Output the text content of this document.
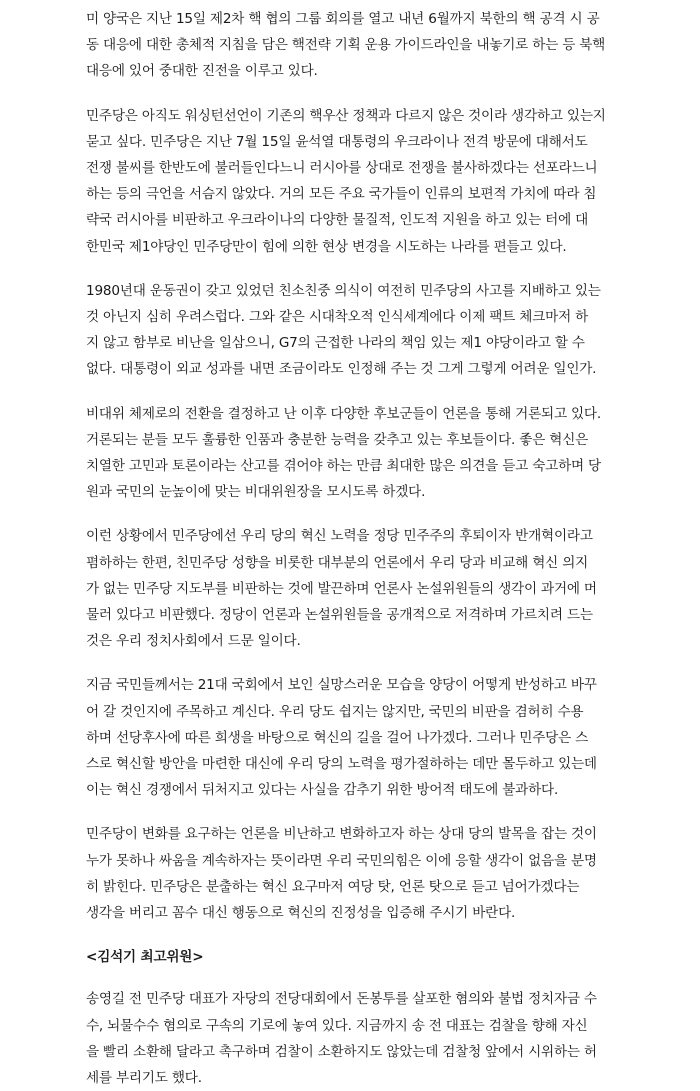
미 양국은 지난 15일 제2차 핵 협의 그룹 회의를 열고 내년 6월까지 북한의 핵 공격 시 공
동 대응에 대한 총체적 지침을 담은 핵전략 기획 운용 가이드라인을 내놓기로 하는 등 북핵
대응에 있어 중대한 진전을 이루고 있다.
민주당은 아직도 워싱턴선언이 기존의 핵우산 정책과 다르지 않은 것이라 생각하고 있는지
묻고 싶다. 민주당은 지난 7월 15일 윤석열 대통령의 우크라이나 전격 방문에 대해서도
전쟁 불씨를 한반도에 불러들인다느니 러시아를 상대로 전쟁을 불사하겠다는 선포라느니
하는 등의 극언을 서슴지 않았다. 거의 모든 주요 국가들이 인류의 보편적 가치에 따라 침
략국 러시아를 비판하고 우크라이나의 다양한 물질적, 인도적 지원을 하고 있는 터에 대
한민국 제1야당인 민주당만이 힘에 의한 현상 변경을 시도하는 나라를 편들고 있다.
1980년대 운동권이 갖고 있었던 친소친중 의식이 여전히 민주당의 사고를 지배하고 있는
것 아닌지 심히 우려스럽다. 그와 같은 시대착오적 인식세계에다 이제 팩트 체크마저 하
지 않고 함부로 비난을 일삼으니, G7의 근접한 나라의 책임 있는 제1 야당이라고 할 수
없다. 대통령이 외교 성과를 내면 조금이라도 인정해 주는 것 그게 그렇게 어려운 일인가.
비대위 체제로의 전환을 결정하고 난 이후 다양한 후보군들이 언론을 통해 거론되고 있다.
거론되는 분들 모두 훌륭한 인품과 충분한 능력을 갖추고 있는 후보들이다. 좋은 혁신은
치열한 고민과 토론이라는 산고를 겪어야 하는 만큼 최대한 많은 의견을 듣고 숙고하며 당
원과 국민의 눈높이에 맞는 비대위원장을 모시도록 하겠다.
이런 상황에서 민주당에선 우리 당의 혁신 노력을 정당 민주주의 후퇴이자 반개혁이라고
폄하하는 한편, 친민주당 성향을 비롯한 대부분의 언론에서 우리 당과 비교해 혁신 의지
가 없는 민주당 지도부를 비판하는 것에 발끈하며 언론사 논설위원들의 생각이 과거에 머
물러 있다고 비판했다. 정당이 언론과 논설위원들을 공개적으로 저격하며 가르치려 드는
것은 우리 정치사회에서 드문 일이다.
지금 국민들께서는 21대 국회에서 보인 실망스러운 모습을 양당이 어떻게 반성하고 바꾸
어 갈 것인지에 주목하고 계신다. 우리 당도 쉽지는 않지만, 국민의 비판을 겸허히 수용
하며 선당후사에 따른 희생을 바탕으로 혁신의 길을 걸어 나가겠다. 그러나 민주당은 스
스로 혁신할 방안을 마련한 대신에 우리 당의 노력을 평가절하하는 데만 몰두하고 있는데
이는 혁신 경쟁에서 뒤처지고 있다는 사실을 감추기 위한 방어적 태도에 불과하다.
민주당이 변화를 요구하는 언론을 비난하고 변화하고자 하는 상대 당의 발목을 잡는 것이
누가 못하나 싸움을 계속하자는 뜻이라면 우리 국민의힘은 이에 응할 생각이 없음을 분명
히 밝힌다. 민주당은 분출하는 혁신 요구마저 여당 탓, 언론 탓으로 듣고 넘어가겠다는
생각을 버리고 꼼수 대신 행동으로 혁신의 진정성을 입증해 주시기 바란다.
<김석기 최고위원>
송영길 전 민주당 대표가 자당의 전당대회에서 돈봉투를 살포한 혐의와 불법 정치자금 수
수, 뇌물수수 혐의로 구속의 기로에 놓여 있다. 지금까지 송 전 대표는 검찰을 향해 자신
을 빨리 소환해 달라고 촉구하며 검찰이 소환하지도 않았는데 검찰청 앞에서 시위하는 허
세를 부리기도 했다.
